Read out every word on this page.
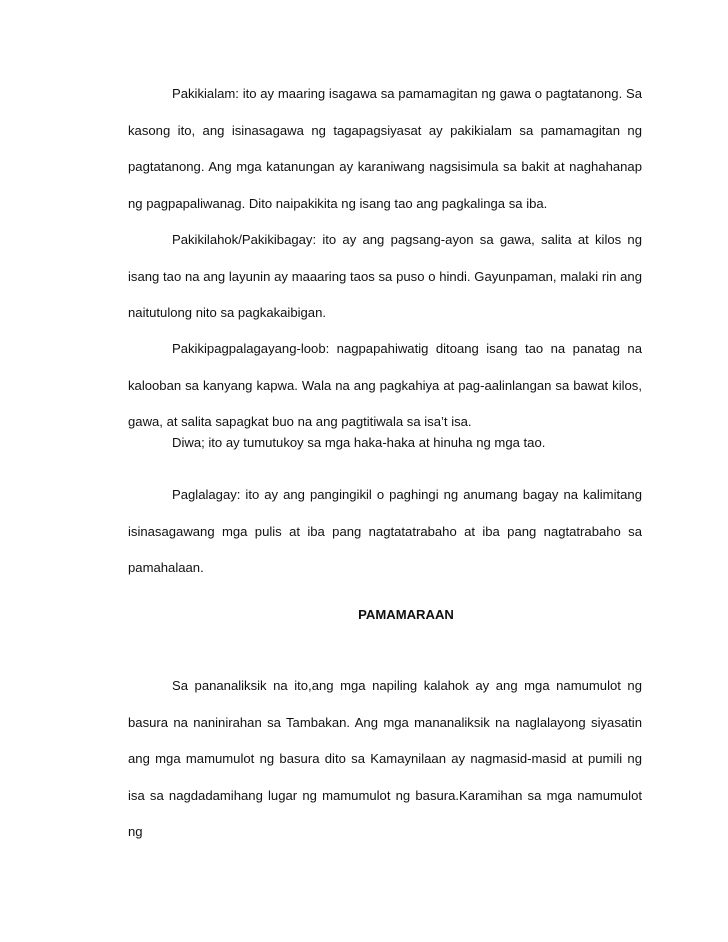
Pakikialam: ito ay maaring isagawa sa pamamagitan ng gawa o pagtatanong. Sa kasong ito, ang isinasagawa ng tagapagsiyasat ay pakikialam sa pamamagitan ng pagtatanong. Ang mga katanungan ay karaniwang nagsisimula sa bakit at naghahanap ng pagpapaliwanag. Dito naipakikita ng isang tao ang pagkalinga sa iba.

Pakikilahok/Pakikibagay: ito ay ang pagsang-ayon sa gawa, salita at kilos ng isang tao na ang layunin ay maaaring taos sa puso o hindi. Gayunpaman, malaki rin ang naitutulong nito sa pagkakaibigan.

Pakikipagpalagayang-loob: nagpapahiwatig ditoang isang tao na panatag na kalooban sa kanyang kapwa. Wala na ang pagkahiya at pag-aalinlangan sa bawat kilos, gawa, at salita sapagkat buo na ang pagtitiwala sa isa’t isa.

Diwa; ito ay tumutukoy sa mga haka-haka at hinuha ng mga tao.

Paglalagay: ito ay ang pangingikil o paghingi ng anumang bagay na kalimitang isinasagawang mga pulis at iba pang nagtatatrabaho at iba pang nagtatrabaho sa pamahalaan.

PAMAMARAAN

Sa pananaliksik na ito,ang mga napiling kalahok ay ang mga namumulot ng basura na naninirahan sa Tambakan. Ang mga mananaliksik na naglalayong siyasatin ang mga mamumulot ng basura dito sa Kamaynilaan ay nagmasid-masid at pumili ng isa sa nagdadamihang lugar ng mamumulot ng basura.Karamihan sa mga namumulot ng
